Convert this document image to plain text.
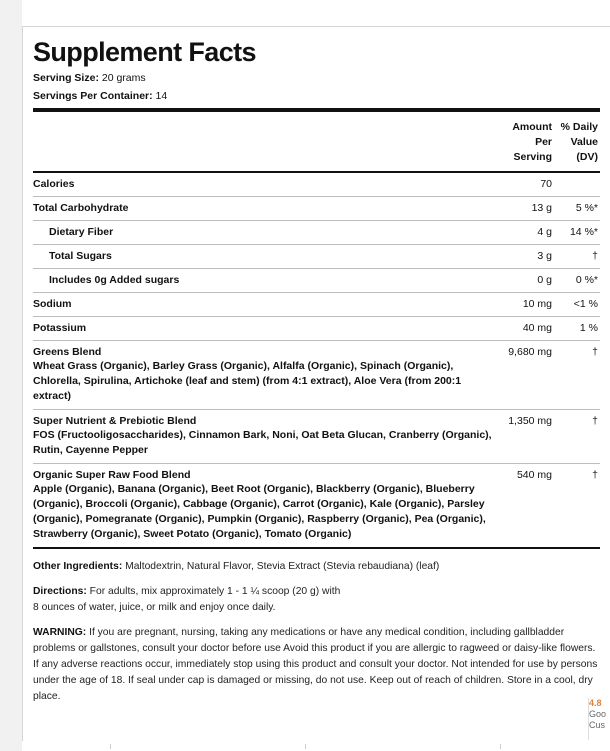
Supplement Facts
Serving Size: 20 grams
Servings Per Container: 14
	Amount
Per
Serving	% Daily
Value
(DV)
Calories	70	
Total Carbohydrate	13 g	5 %*
Dietary Fiber	4 g	14 %*
Total Sugars	3 g	†
Includes 0g Added sugars	0 g	0 %*
Sodium	10 mg	<1 %
Potassium	40 mg	1 %

Greens Blend
Wheat Grass (Organic), Barley Grass (Organic), Alfalfa (Organic), Spinach (Organic), Chlorella, Spirulina, Artichoke (leaf and stem) (from 4:1 extract), Aloe Vera (from 200:1 extract)	9,680 mg	†

Super Nutrient & Prebiotic Blend
FOS (Fructooligosaccharides), Cinnamon Bark, Noni, Oat Beta Glucan, Cranberry (Organic), Rutin, Cayenne Pepper	1,350 mg	†

Organic Super Raw Food Blend
Apple (Organic), Banana (Organic), Beet Root (Organic), Blackberry (Organic), Blueberry (Organic), Broccoli (Organic), Cabbage (Organic), Carrot (Organic), Kale (Organic), Parsley (Organic), Pomegranate (Organic), Pumpkin (Organic), Raspberry (Organic), Pea (Organic), Strawberry (Organic), Sweet Potato (Organic), Tomato (Organic)	540 mg	†

Other Ingredients: Maltodextrin, Natural Flavor, Stevia Extract (Stevia rebaudiana) (leaf)

Directions: For adults, mix approximately 1 - 1 ¼ scoop (20 g) with
8 ounces of water, juice, or milk and enjoy once daily.

WARNING: If you are pregnant, nursing, taking any medications or have any medical condition, including gallbladder problems or gallstones, consult your doctor before use Avoid this product if you are allergic to ragweed or daisy-like flowers. If any adverse reactions occur, immediately stop using this product and consult your doctor. Not intended for use by persons under the age of 18. If seal under cap is damaged or missing, do not use. Keep out of reach of children. Store in a cool, dry place.

4.8
Goo
Cus
